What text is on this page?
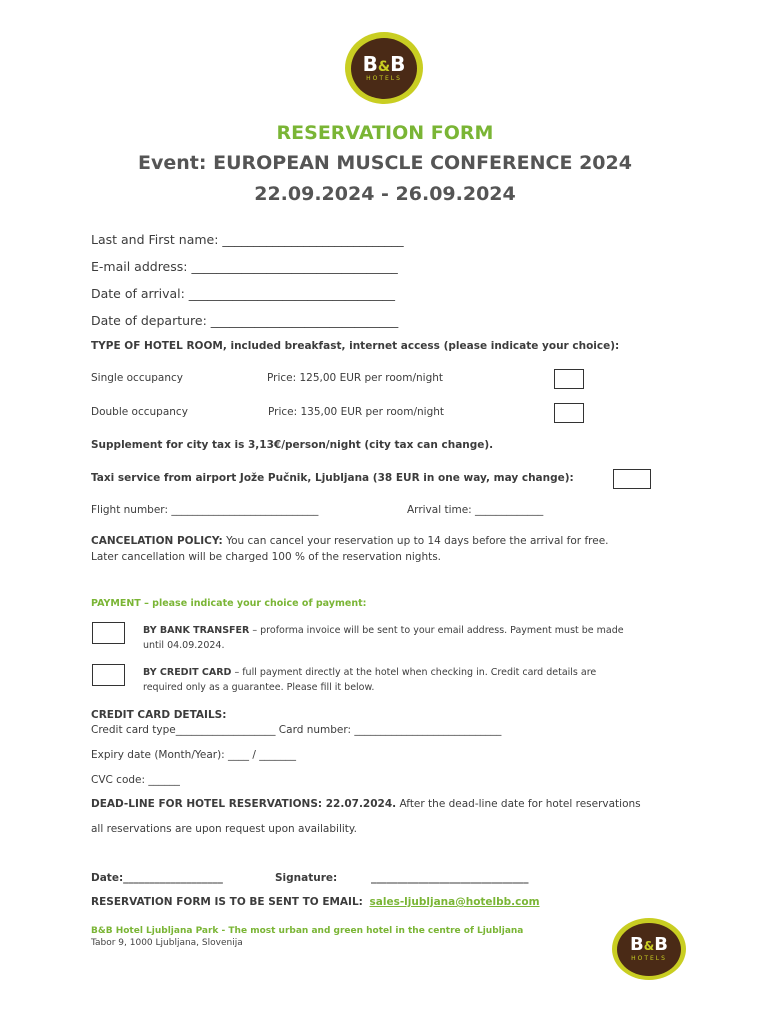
B&B
HOTELS
RESERVATION FORM
Event: EUROPEAN MUSCLE CONFERENCE 2024
22.09.2024 - 26.09.2024
Last and First name: _____________________________
E-mail address: _________________________________
Date of arrival: _________________________________
Date of departure: ______________________________
TYPE OF HOTEL ROOM, included breakfast, internet access (please indicate your choice):
Single occupancy	Price: 125,00 EUR per room/night
Double occupancy	Price: 135,00 EUR per room/night
Supplement for city tax is 3,13€/person/night (city tax can change).
Taxi service from airport Jože Pučnik, Ljubljana (38 EUR in one way, may change):
Flight number: ____________________________	Arrival time: _____________
CANCELATION POLICY: You can cancel your reservation up to 14 days before the arrival for free.
Later cancellation will be charged 100 % of the reservation nights.
PAYMENT – please indicate your choice of payment:
BY BANK TRANSFER – proforma invoice will be sent to your email address. Payment must be made
until 04.09.2024.
BY CREDIT CARD – full payment directly at the hotel when checking in. Credit card details are
required only as a guarantee. Please fill it below.
CREDIT CARD DETAILS:
Credit card type___________________ Card number: ____________________________
Expiry date (Month/Year): ____ / _______
CVC code: ______
DEAD-LINE FOR HOTEL RESERVATIONS: 22.07.2024. After the dead-line date for hotel reservations
all reservations are upon request upon availability.
Date:___________________	Signature:	______________________________
RESERVATION FORM IS TO BE SENT TO EMAIL: sales-ljubljana@hotelbb.com
B&B Hotel Ljubljana Park - The most urban and green hotel in the centre of Ljubljana
Tabor 9, 1000 Ljubljana, Slovenija	B&B
HOTELS
